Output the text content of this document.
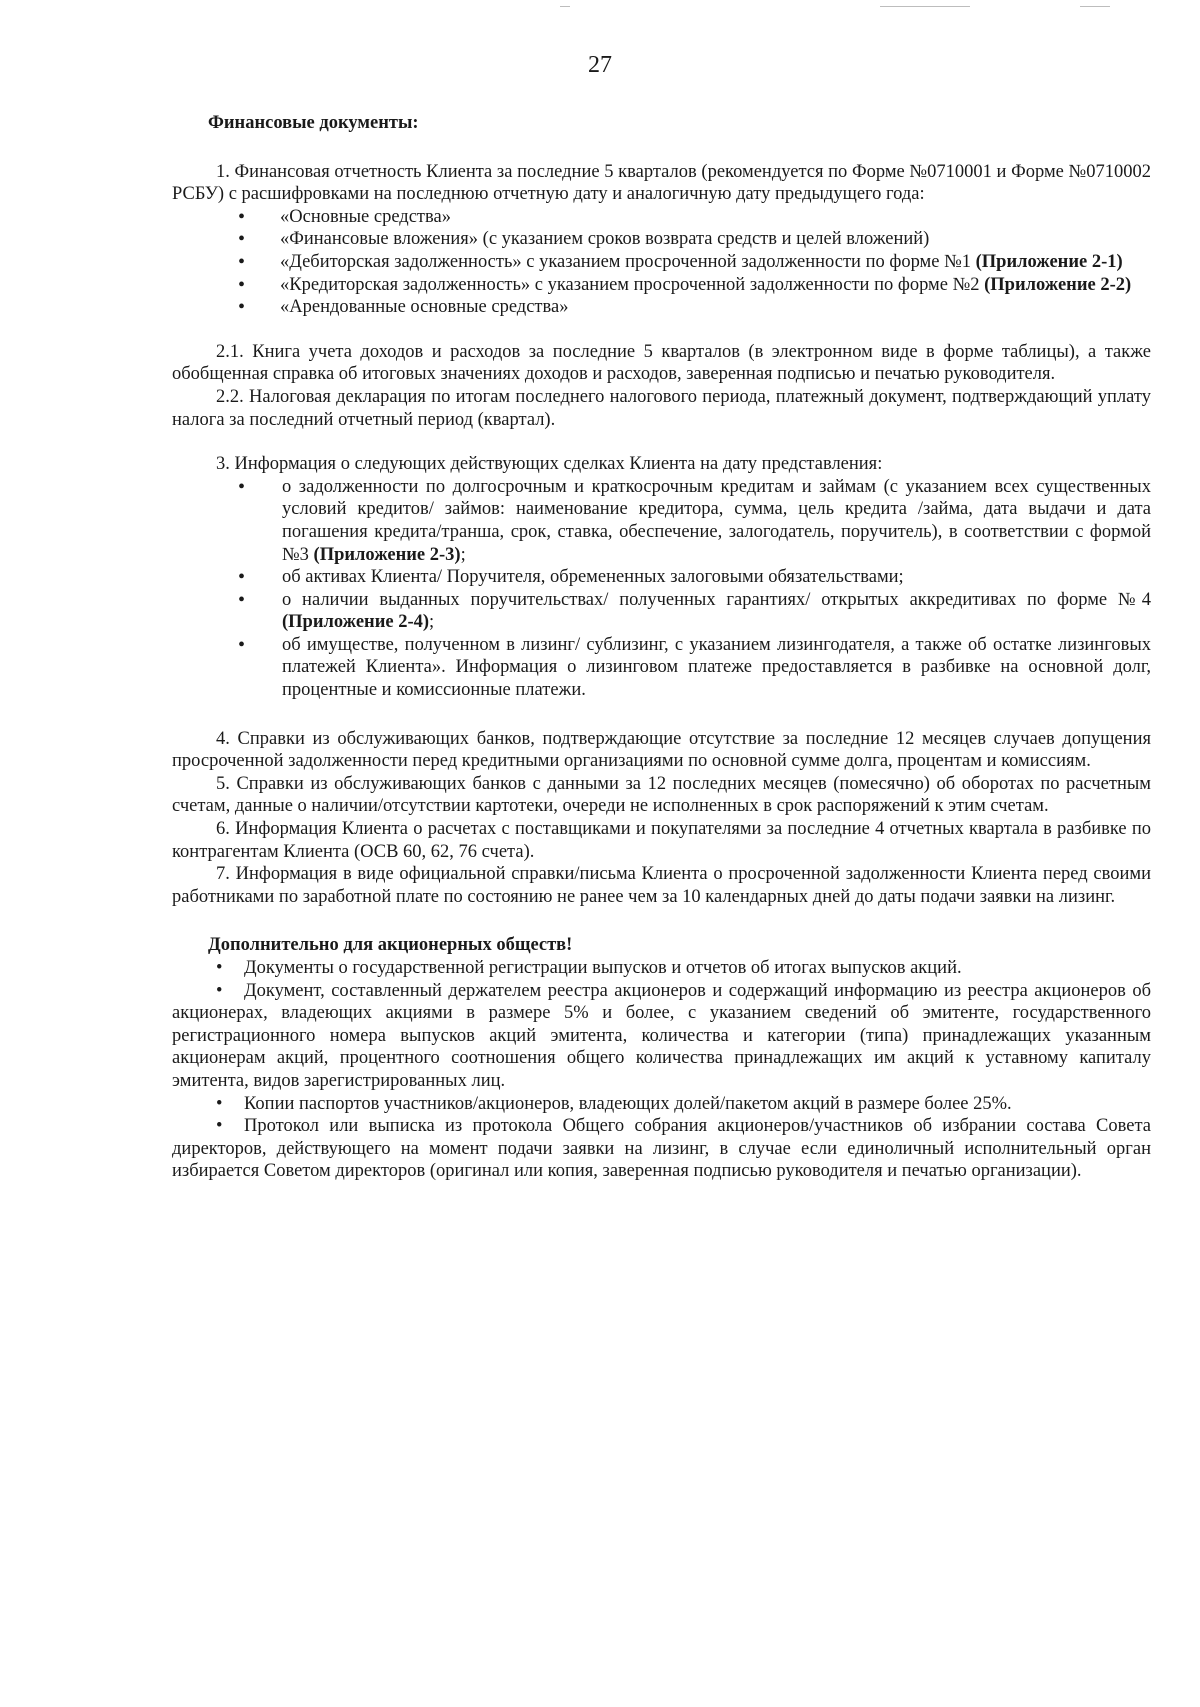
27

Финансовые документы:

1. Финансовая отчетность Клиента за последние 5 кварталов (рекомендуется по Форме №0710001 и Форме №0710002 РСБУ) с расшифровками на последнюю отчетную дату и аналогичную дату предыдущего года:

• «Основные средства»
• «Финансовые вложения» (с указанием сроков возврата средств и целей вложений)
• «Дебиторская задолженность» с указанием просроченной задолженности по форме №1 (Приложение 2-1)
• «Кредиторская задолженность» с указанием просроченной задолженности по форме №2 (Приложение 2-2)
• «Арендованные основные средства»

2.1. Книга учета доходов и расходов за последние 5 кварталов (в электронном виде в форме таблицы), а также обобщенная справка об итоговых значениях доходов и расходов, заверенная подписью и печатью руководителя.

2.2. Налоговая декларация по итогам последнего налогового периода, платежный документ, подтверждающий уплату налога за последний отчетный период (квартал).

3. Информация о следующих действующих сделках Клиента на дату представления:

• о задолженности по долгосрочным и краткосрочным кредитам и займам (с указанием всех существенных условий кредитов/ займов: наименование кредитора, сумма, цель кредита /займа, дата выдачи и дата погашения кредита/транша, срок, ставка, обеспечение, залогодатель, поручитель), в соответствии с формой №3 (Приложение 2-3);
• об активах Клиента/ Поручителя, обремененных залоговыми обязательствами;
• о наличии выданных поручительствах/ полученных гарантиях/ открытых аккредитивах по форме №4 (Приложение 2-4);
• об имуществе, полученном в лизинг/ сублизинг, с указанием лизингодателя, а также об остатке лизинговых платежей Клиента». Информация о лизинговом платеже предоставляется в разбивке на основной долг, процентные и комиссионные платежи.

4. Справки из обслуживающих банков, подтверждающие отсутствие за последние 12 месяцев случаев допущения просроченной задолженности перед кредитными организациями по основной сумме долга, процентам и комиссиям.

5. Справки из обслуживающих банков с данными за 12 последних месяцев (помесячно) об оборотах по расчетным счетам, данные о наличии/отсутствии картотеки, очереди не исполненных в срок распоряжений к этим счетам.

6. Информация Клиента о расчетах с поставщиками и покупателями за последние 4 отчетных квартала в разбивке по контрагентам Клиента (ОСВ 60, 62, 76 счета).

7. Информация в виде официальной справки/письма Клиента о просроченной задолженности Клиента перед своими работниками по заработной плате по состоянию не ранее чем за 10 календарных дней до даты подачи заявки на лизинг.

Дополнительно для акционерных обществ!

• Документы о государственной регистрации выпусков и отчетов об итогах выпусков акций.
• Документ, составленный держателем реестра акционеров и содержащий информацию из реестра акционеров об акционерах, владеющих акциями в размере 5% и более, с указанием сведений об эмитенте, государственного регистрационного номера выпусков акций эмитента, количества и категории (типа) принадлежащих указанным акционерам акций, процентного соотношения общего количества принадлежащих им акций к уставному капиталу эмитента, видов зарегистрированных лиц.
• Копии паспортов участников/акционеров, владеющих долей/пакетом акций в размере более 25%.
• Протокол или выписка из протокола Общего собрания акционеров/участников об избрании состава Совета директоров, действующего на момент подачи заявки на лизинг, в случае если единоличный исполнительный орган избирается Советом директоров (оригинал или копия, заверенная подписью руководителя и печатью организации).
